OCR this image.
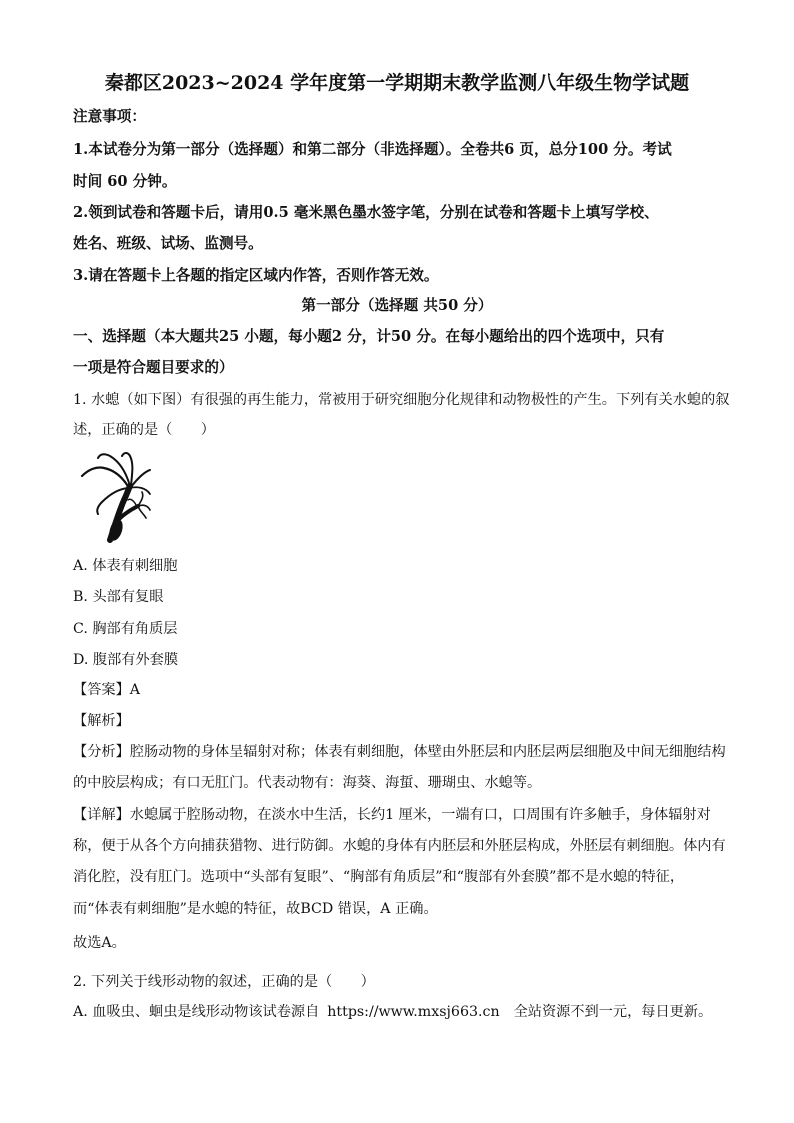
秦都区2023~2024 学年度第一学期期末教学监测八年级生物学试题
注意事项：
1.本试卷分为第一部分（选择题）和第二部分（非选择题）。全卷共6 页，总分100 分。考试
时间 60 分钟。
2.领到试卷和答题卡后，请用0.5 毫米黑色墨水签字笔，分别在试卷和答题卡上填写学校、
姓名、班级、试场、监测号。
3.请在答题卡上各题的指定区域内作答，否则作答无效。
第一部分（选择题 共50 分）
一、选择题（本大题共25 小题，每小题2 分，计50 分。在每小题给出的四个选项中，只有
一项是符合题目要求的）
1. 水螅（如下图）有很强的再生能力，常被用于研究细胞分化规律和动物极性的产生。下列有关水螅的叙
述，正确的是（　　）
A. 体表有刺细胞
B. 头部有复眼
C. 胸部有角质层
D. 腹部有外套膜
【答案】A
【解析】
【分析】腔肠动物的身体呈辐射对称；体表有刺细胞，体壁由外胚层和内胚层两层细胞及中间无细胞结构
的中胶层构成；有口无肛门。代表动物有：海葵、海蜇、珊瑚虫、水螅等。
【详解】水螅属于腔肠动物，在淡水中生活，长约1 厘米，一端有口，口周围有许多触手，身体辐射对
称，便于从各个方向捕获猎物、进行防御。水螅的身体有内胚层和外胚层构成，外胚层有刺细胞。体内有
消化腔，没有肛门。选项中“头部有复眼”、“胸部有角质层”和“腹部有外套膜”都不是水螅的特征，
而“体表有刺细胞”是水螅的特征，故BCD 错误，A 正确。
故选A。
2. 下列关于线形动物的叙述，正确的是（　　）
A. 血吸虫、蛔虫是线形动物该试卷源自 https://www.mxsj663.cn 全站资源不到一元，每日更新。
